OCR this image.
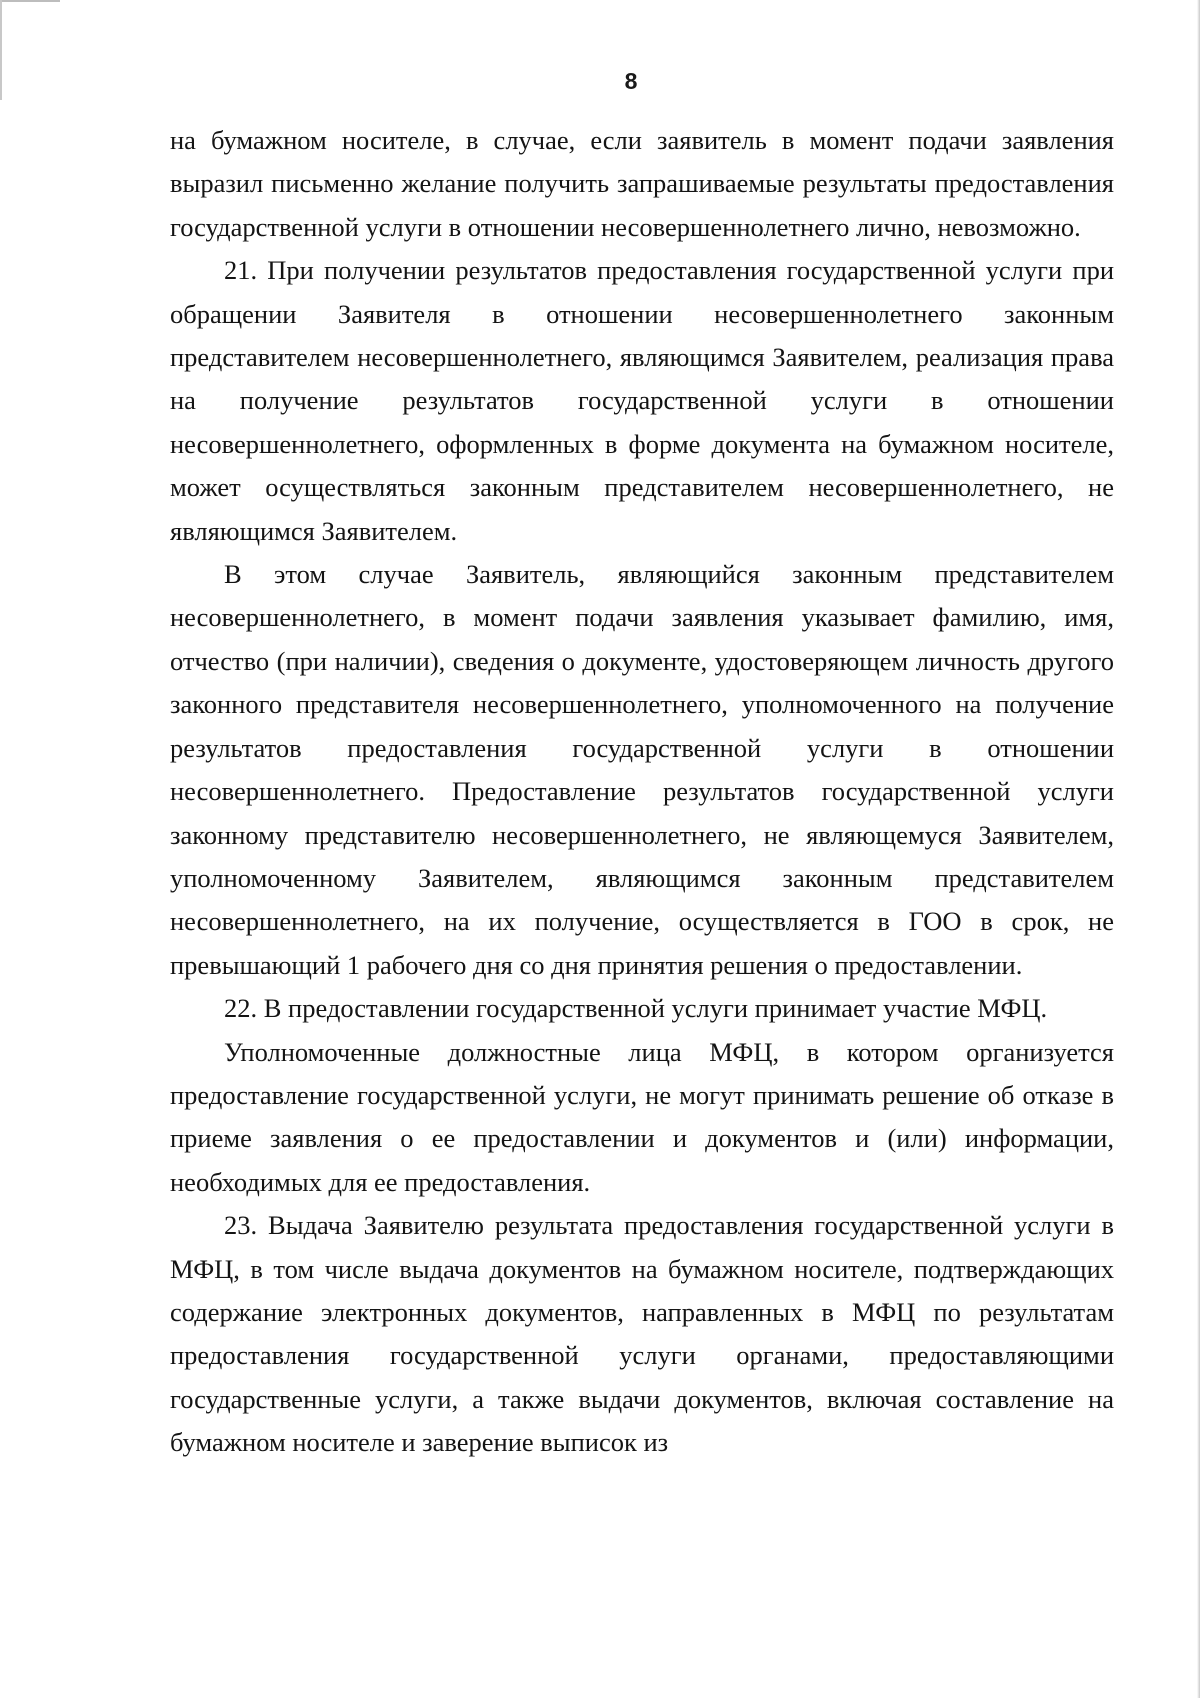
8

на бумажном носителе, в случае, если заявитель в момент подачи заявления выразил письменно желание получить запрашиваемые результаты предоставления государственной услуги в отношении несовершеннолетнего лично, невозможно.

21. При получении результатов предоставления государственной услуги при обращении Заявителя в отношении несовершеннолетнего законным представителем несовершеннолетнего, являющимся Заявителем, реализация права на получение результатов государственной услуги в отношении несовершеннолетнего, оформленных в форме документа на бумажном носителе, может осуществляться законным представителем несовершеннолетнего, не являющимся Заявителем.

В этом случае Заявитель, являющийся законным представителем несовершеннолетнего, в момент подачи заявления указывает фамилию, имя, отчество (при наличии), сведения о документе, удостоверяющем личность другого законного представителя несовершеннолетнего, уполномоченного на получение результатов предоставления государственной услуги в отношении несовершеннолетнего. Предоставление результатов государственной услуги законному представителю несовершеннолетнего, не являющемуся Заявителем, уполномоченному Заявителем, являющимся законным представителем несовершеннолетнего, на их получение, осуществляется в ГОО в срок, не превышающий 1 рабочего дня со дня принятия решения о предоставлении.

22. В предоставлении государственной услуги принимает участие МФЦ.

Уполномоченные должностные лица МФЦ, в котором организуется предоставление государственной услуги, не могут принимать решение об отказе в приеме заявления о ее предоставлении и документов и (или) информации, необходимых для ее предоставления.

23. Выдача Заявителю результата предоставления государственной услуги в МФЦ, в том числе выдача документов на бумажном носителе, подтверждающих содержание электронных документов, направленных в МФЦ по результатам предоставления государственной услуги органами, предоставляющими государственные услуги, а также выдачи документов, включая составление на бумажном носителе и заверение выписок из
